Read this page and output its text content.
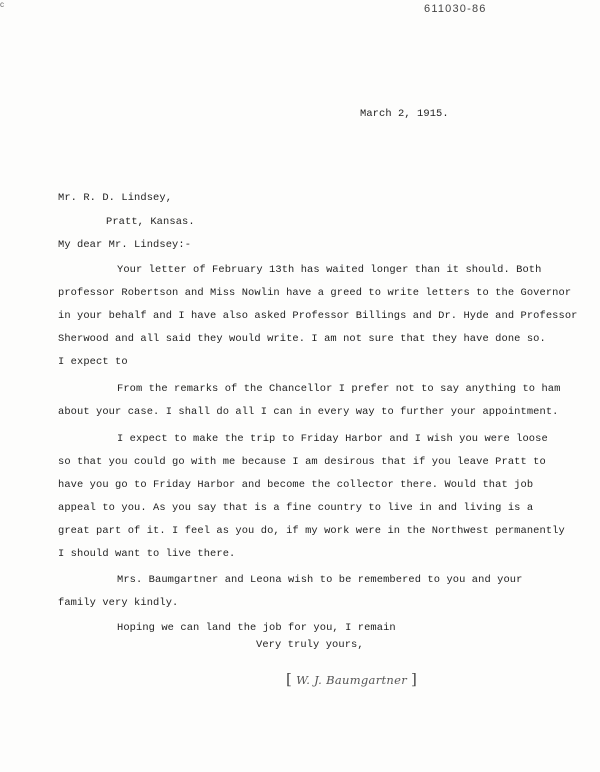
c	611030-86
March 2, 1915.
Mr. R. D. Lindsey,
Pratt, Kansas.
My dear Mr. Lindsey:-
Your letter of February 13th has waited longer than it should. Both
professor Robertson and Miss Nowlin have a greed to write letters to the Governor
in your behalf and I have also asked Professor Billings and Dr. Hyde and Professor
Sherwood and all said they would write. I am not sure that they have done so.
I expect to
From the remarks of the Chancellor I prefer not to say anything to ham
about your case. I shall do all I can in every way to further your appointment.
I expect to make the trip to Friday Harbor and I wish you were loose
so that you could go with me because I am desirous that if you leave Pratt to
have you go to Friday Harbor and become the collector there. Would that job
appeal to you. As you say that is a fine country to live in and living is a
great part of it. I feel as you do, if my work were in the Northwest permanently
I should want to live there.
Mrs. Baumgartner and Leona wish to be remembered to you and your
family very kindly.
Hoping we can land the job for you, I remain
Very truly yours,
[ W. J. Baumgartner ]
